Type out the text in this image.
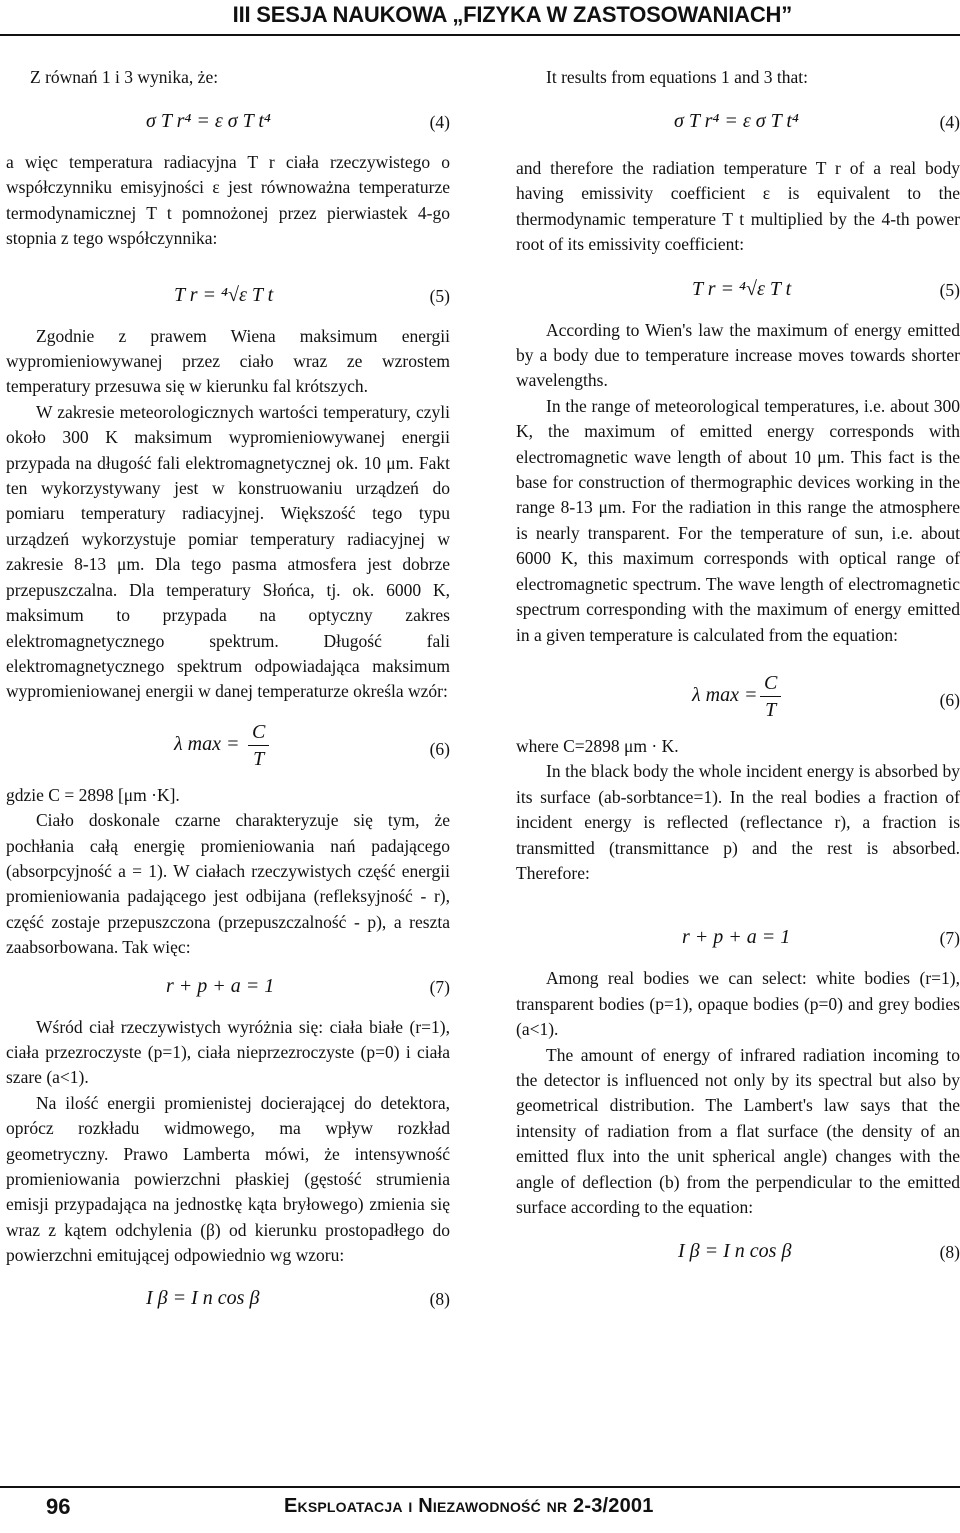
III SESJA NAUKOWA „FIZYKA W ZASTOSOWANIACH”
Z równań 1 i 3 wynika, że:
σ T r⁴ = ε σ T t⁴	(4)

a więc temperatura radiacyjna T r ciała rzeczywistego o współczynniku emisyjności ε jest równoważna temperaturze termodynamicznej T t pomnożonej przez pierwiastek 4-go stopnia z tego współczynnika:

T r = ⁴√ε T t	(5)

Zgodnie z prawem Wiena maksimum energii wypromieniowywanej przez ciało wraz ze wzrostem temperatury przesuwa się w kierunku fal krótszych.

W zakresie meteorologicznych wartości temperatury, czyli około 300 K maksimum wypromieniowywanej energii przypada na długość fali elektromagnetycznej ok. 10 μm. Fakt ten wykorzystywany jest w konstruowaniu urządzeń do pomiaru temperatury radiacyjnej. Większość tego typu urządzeń wykorzystuje pomiar temperatury radiacyjnej w zakresie 8-13 μm. Dla tego pasma atmosfera jest dobrze przepuszczalna. Dla temperatury Słońca, tj. ok. 6000 K, maksimum to przypada na optyczny zakres elektromagnetycznego spektrum. Długość fali elektromagnetycznego spektrum odpowiadająca maksimum wypromieniowanej energii w danej temperaturze określa wzór:

λ $\max = \frac{C}{T}$	(6)

gdzie C = 2898 [μm ·K].

Ciało doskonale czarne charakteryzuje się tym, że pochłania całą energię promieniowania nań padającego (absorpcyjność a = 1). W ciałach rzeczywistych część energii promieniowania padającego jest odbijana (refleksyjność - r), część zostaje przepuszczona (przepuszczalność - p), a reszta zaabsorbowana. Tak więc:

r + p + a = 1	(7)

Wśród ciał rzeczywistych wyróżnia się: ciała białe (r=1), ciała przezroczyste (p=1), ciała nieprzezroczyste (p=0) i ciała szare (a<1).

Na ilość energii promienistej docierającej do detektora, oprócz rozkładu widmowego, ma wpływ rozkład geometryczny. Prawo Lamberta mówi, że intensywność promieniowania powierzchni płaskiej (gęstość strumienia emisji przypadająca na jednostkę kąta bryłowego) zmienia się wraz z kątem odchylenia (β) od kierunku prostopadłego do powierzchni emitującej odpowiednio wg wzoru:

I β = I n cos β	(8)
It results from equations 1 and 3 that:
σ T r⁴ = ε σ T t⁴	(4)

and therefore the radiation temperature T r of a real body having emissivity coefficient ε is equivalent to the thermodynamic temperature T t multiplied by the 4-th power root of its emissivity coefficient:

T r = ⁴√ε T t	(5)

According to Wien's law the maximum of energy emitted by a body due to temperature increase moves towards shorter wavelengths.

In the range of meteorological temperatures, i.e. about 300 K, the maximum of emitted energy corresponds with electromagnetic wave length of about 10 μm. This fact is the base for construction of thermographic devices working in the range 8-13 μm. For the radiation in this range the atmosphere is nearly transparent. For the temperature of sun, i.e. about 6000 K, this maximum corresponds with optical range of electromagnetic spectrum. The wave length of electromagnetic spectrum corresponding with the maximum of energy emitted in a given temperature is calculated from the equation:

λ $\max = \frac{C}{T}$	(6)

where C=2898 μm · K.

In the black body the whole incident energy is absorbed by its surface (ab-sorbtance=1). In the real bodies a fraction of incident energy is reflected (reflectance r), a fraction is transmitted (transmittance p) and the rest is absorbed. Therefore:

r + p + a = 1	(7)

Among real bodies we can select: white bodies (r=1), transparent bodies (p=1), opaque bodies (p=0) and grey bodies (a<1).

The amount of energy of infrared radiation incoming to the detector is influenced not only by its spectral but also by geometrical distribution. The Lambert's law says that the intensity of radiation from a flat surface (the density of an emitted flux into the unit spherical angle) changes with the angle of deflection (b) from the perpendicular to the emitted surface according to the equation:

I β = I n cos β	(8)
96	Eksploatacja i Niezawodność nr 2-3/2001
